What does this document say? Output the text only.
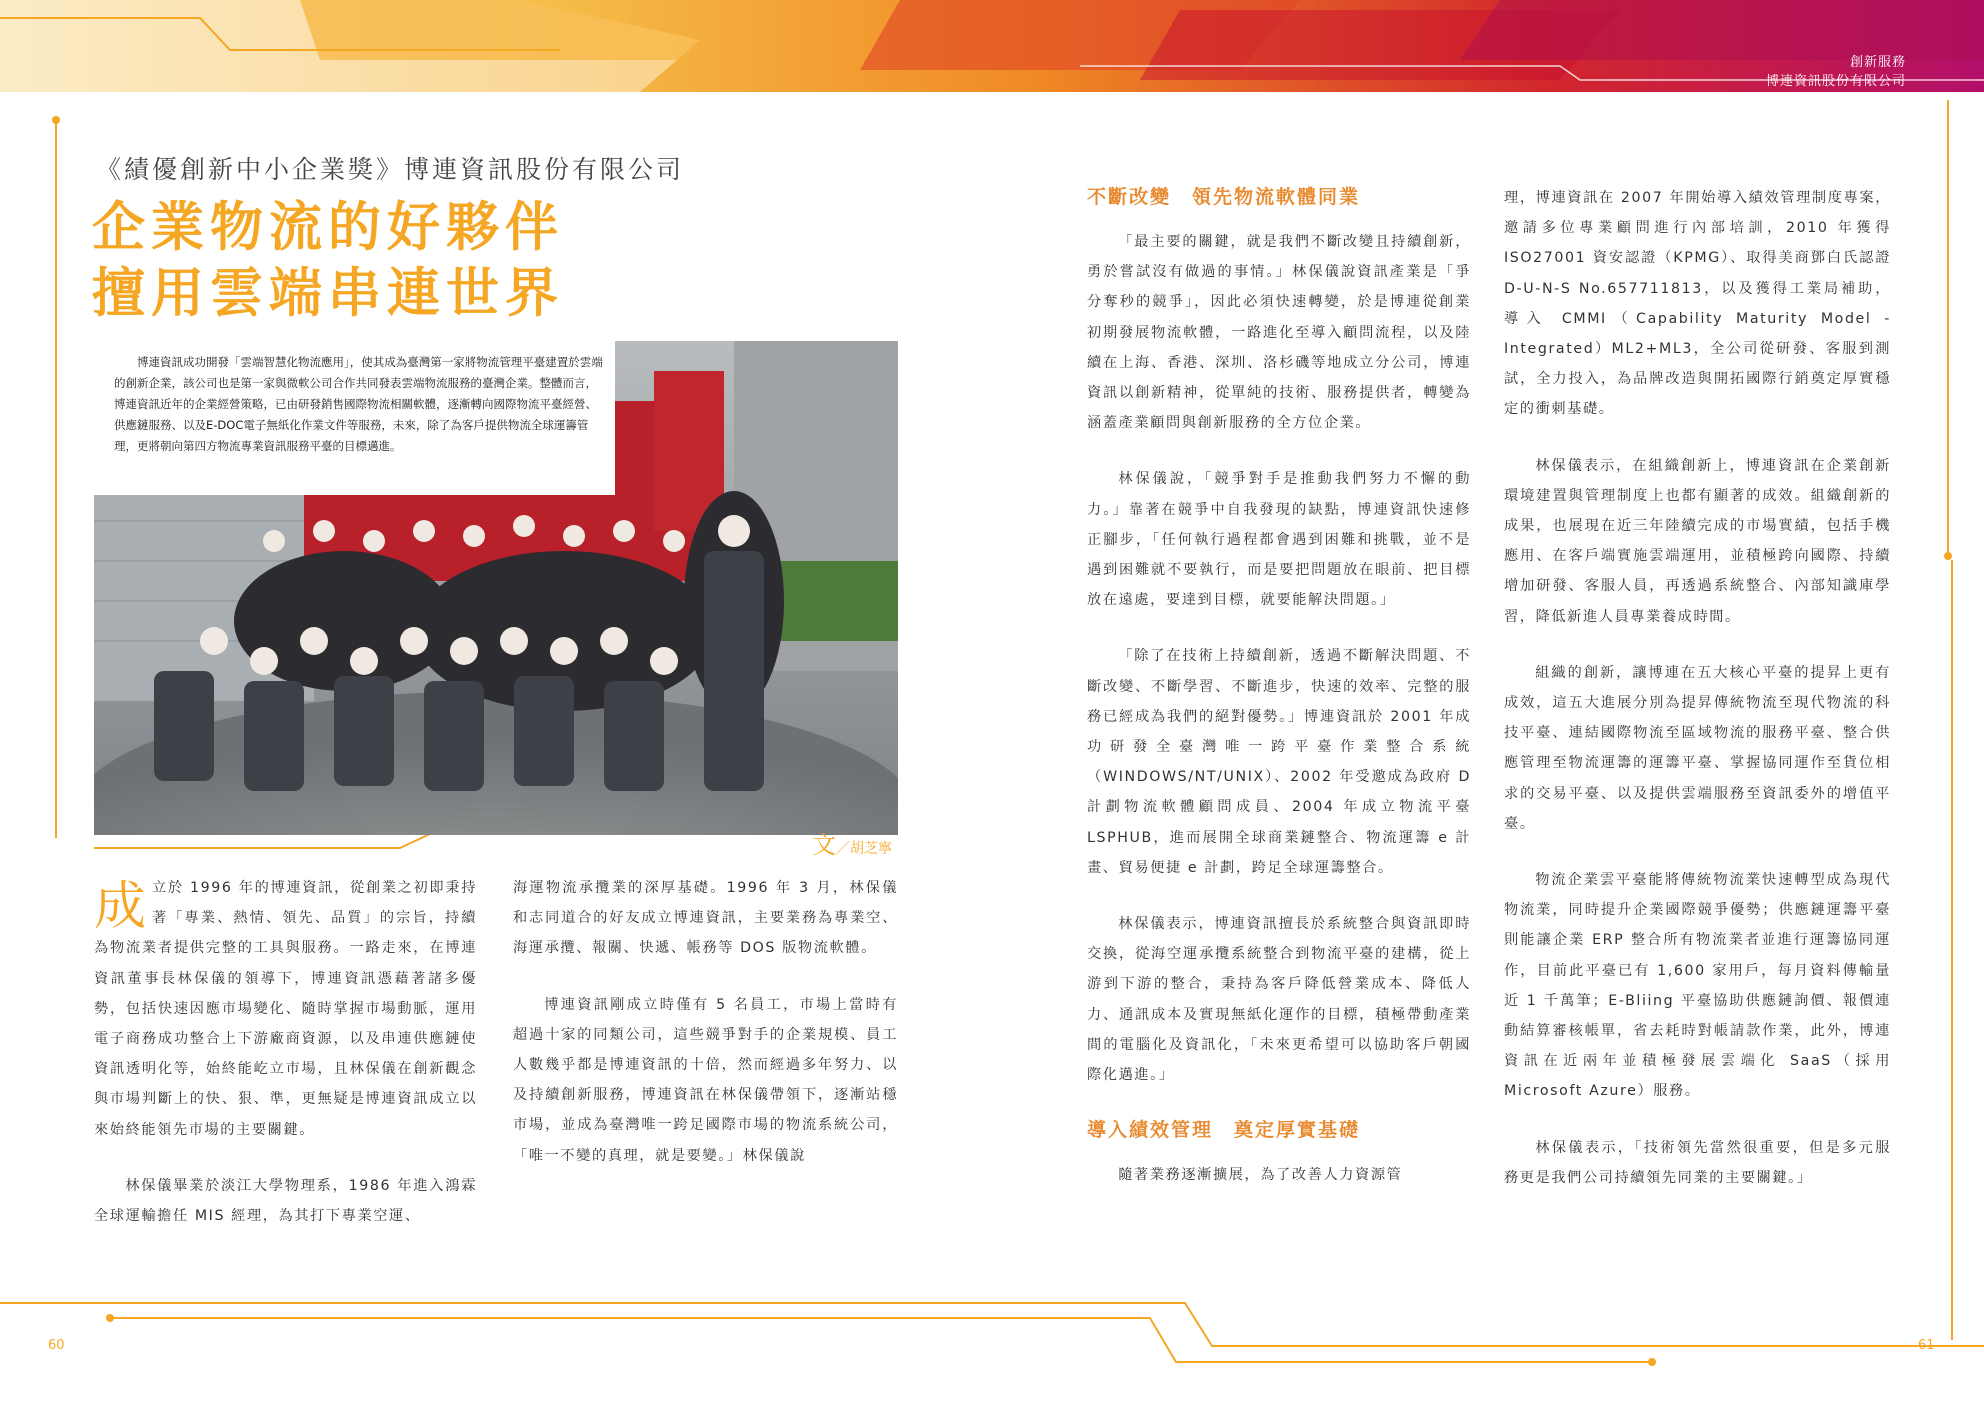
創新服務
博連資訊股份有限公司
《績優創新中小企業獎》博連資訊股份有限公司
企業物流的好夥伴
擅用雲端串連世界
博連資訊成功開發「雲端智慧化物流應用」，使其成為臺灣第一家將物流管理平臺建置於雲端的創新企業，該公司也是第一家與微軟公司合作共同發表雲端物流服務的臺灣企業。整體而言，博連資訊近年的企業經營策略，已由研發銷售國際物流相關軟體，逐漸轉向國際物流平臺經營、供應鏈服務、以及E-DOC電子無紙化作業文件等服務，未來，除了為客戶提供物流全球運籌管理，更將朝向第四方物流專業資訊服務平臺的目標邁進。
文／胡芝寧

成立於 1996 年的博連資訊，從創業之初即秉持著「專業、熱情、領先、品質」的宗旨，持續為物流業者提供完整的工具與服務。一路走來，在博連資訊董事長林保儀的領導下，博連資訊憑藉著諸多優勢，包括快速因應市場變化、隨時掌握市場動脈，運用電子商務成功整合上下游廠商資源，以及串連供應鏈使資訊透明化等，始終能屹立市場，且林保儀在創新觀念與市場判斷上的快、狠、準，更無疑是博連資訊成立以來始終能領先市場的主要關鍵。

林保儀畢業於淡江大學物理系，1986 年進入鴻霖全球運輸擔任 MIS 經理，為其打下專業空運、

海運物流承攬業的深厚基礎。1996 年 3 月，林保儀和志同道合的好友成立博連資訊，主要業務為專業空、海運承攬、報關、快遞、帳務等 DOS 版物流軟體。

博連資訊剛成立時僅有 5 名員工，市場上當時有超過十家的同類公司，這些競爭對手的企業規模、員工人數幾乎都是博連資訊的十倍，然而經過多年努力、以及持續創新服務，博連資訊在林保儀帶領下，逐漸站穩市場，並成為臺灣唯一跨足國際市場的物流系統公司，「唯一不變的真理，就是要變。」林保儀說

不斷改變　領先物流軟體同業

「最主要的關鍵，就是我們不斷改變且持續創新，勇於嘗試沒有做過的事情。」林保儀說資訊產業是「爭分奪秒的競爭」，因此必須快速轉變，於是博連從創業初期發展物流軟體，一路進化至導入顧問流程，以及陸續在上海、香港、深圳、洛杉磯等地成立分公司，博連資訊以創新精神，從單純的技術、服務提供者，轉變為涵蓋產業顧問與創新服務的全方位企業。

林保儀說，「競爭對手是推動我們努力不懈的動力。」靠著在競爭中自我發現的缺點，博連資訊快速修正腳步，「任何執行過程都會遇到困難和挑戰，並不是遇到困難就不要執行，而是要把問題放在眼前、把目標放在遠處，要達到目標，就要能解決問題。」

「除了在技術上持續創新，透過不斷解決問題、不斷改變、不斷學習、不斷進步，快速的效率、完整的服務已經成為我們的絕對優勢。」博連資訊於 2001 年成功研發全臺灣唯一跨平臺作業整合系統（WINDOWS/NT/UNIX）、2002 年受邀成為政府 D 計劃物流軟體顧問成員、2004 年成立物流平臺 LSPHUB，進而展開全球商業鏈整合、物流運籌 e 計畫、貿易便捷 e 計劃，跨足全球運籌整合。

林保儀表示，博連資訊擅長於系統整合與資訊即時交換，從海空運承攬系統整合到物流平臺的建構，從上游到下游的整合，秉持為客戶降低營業成本、降低人力、通訊成本及實現無紙化運作的目標，積極帶動產業間的電腦化及資訊化，「未來更希望可以協助客戶朝國際化邁進。」

導入績效管理　奠定厚實基礎

隨著業務逐漸擴展，為了改善人力資源管

理，博連資訊在 2007 年開始導入績效管理制度專案，邀請多位專業顧問進行內部培訓，2010 年獲得 ISO27001 資安認證（KPMG）、取得美商鄧白氏認證 D-U-N-S No.657711813，以及獲得工業局補助，導入 CMMI（Capability Maturity Model - Integrated）ML2+ML3，全公司從研發、客服到測試，全力投入，為品牌改造與開拓國際行銷奠定厚實穩定的衝刺基礎。

林保儀表示，在組織創新上，博連資訊在企業創新環境建置與管理制度上也都有顯著的成效。組織創新的成果，也展現在近三年陸續完成的市場實績，包括手機應用、在客戶端實施雲端運用，並積極跨向國際、持續增加研發、客服人員，再透過系統整合、內部知識庫學習，降低新進人員專業養成時間。

組織的創新，讓博連在五大核心平臺的提昇上更有成效，這五大進展分別為提昇傳統物流至現代物流的科技平臺、連結國際物流至區域物流的服務平臺、整合供應管理至物流運籌的運籌平臺、掌握協同運作至貨位相求的交易平臺、以及提供雲端服務至資訊委外的增值平臺。

物流企業雲平臺能將傳統物流業快速轉型成為現代物流業，同時提升企業國際競爭優勢；供應鏈運籌平臺則能讓企業 ERP 整合所有物流業者並進行運籌協同運作，目前此平臺已有 1,600 家用戶，每月資料傳輸量近 1 千萬筆；E-Bliing 平臺協助供應鏈詢價、報價連動結算審核帳單，省去耗時對帳請款作業，此外，博連資訊在近兩年並積極發展雲端化 SaaS（採用 Microsoft Azure）服務。

林保儀表示，「技術領先當然很重要，但是多元服務更是我們公司持續領先同業的主要關鍵。」

60	61
